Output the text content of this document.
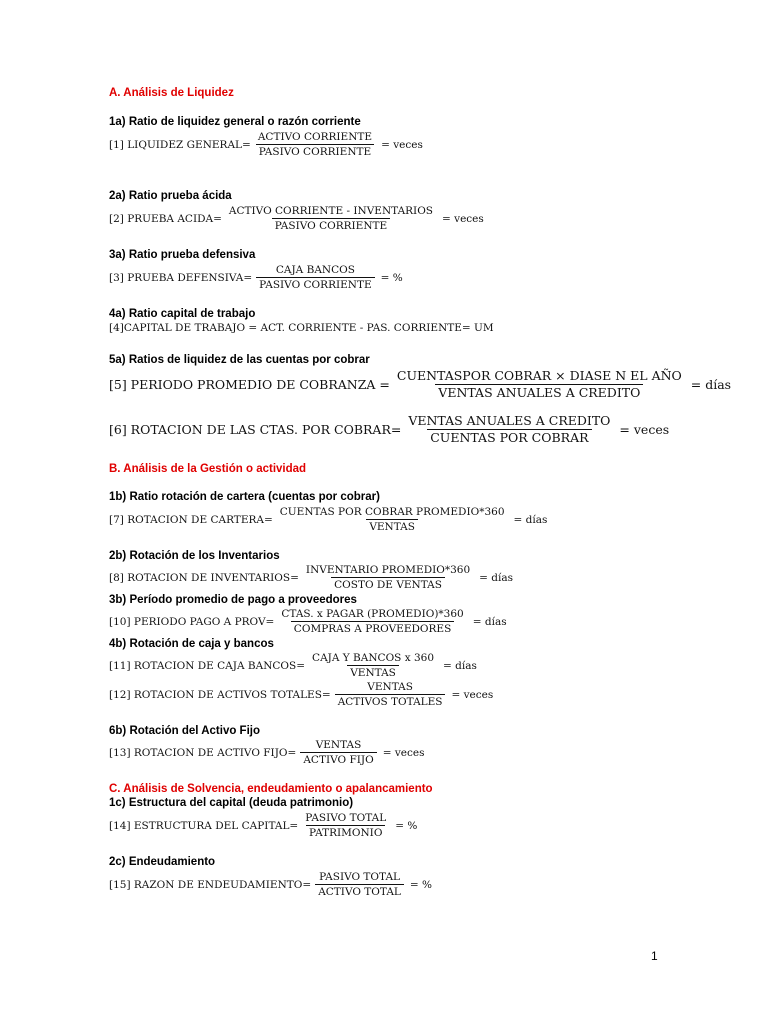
A. Análisis de Liquidez
1a) Ratio de liquidez general o razón corriente
[1] LIQUIDEZ GENERAL= $\frac{\text{ACTIVO CORRIENTE}}{\text{PASIVO CORRIENTE}}$ = veces
2a) Ratio prueba ácida
[2] PRUEBA ACIDA= $\frac{\text{ACTIVO CORRIENTE - INVENTARIOS}}{\text{PASIVO CORRIENTE}}$ = veces
3a) Ratio prueba defensiva
[3] PRUEBA DEFENSIVA= $\frac{\text{CAJA BANCOS}}{\text{PASIVO CORRIENTE}}$ = %
4a) Ratio capital de trabajo
[4]CAPITAL DE TRABAJO = ACT. CORRIENTE - PAS. CORRIENTE= UM
5a) Ratios de liquidez de las cuentas por cobrar
[5] PERIODO PROMEDIO DE COBRANZA = $\frac{\text{CUENTASPOR COBRAR × DIASE N EL AÑO}}{\text{VENTAS ANUALES A CREDITO}}$ = días
[6] ROTACION DE LAS CTAS. POR COBRAR= $\frac{\text{VENTAS ANUALES A CREDITO}}{\text{CUENTAS POR COBRAR}}$ = veces
B. Análisis de la Gestión o actividad
1b) Ratio rotación de cartera (cuentas por cobrar)
[7] ROTACION DE CARTERA= $\frac{\text{CUENTAS POR COBRAR PROMEDIO*360}}{\text{VENTAS}}$ = días
2b) Rotación de los Inventarios
[8] ROTACION DE INVENTARIOS= $\frac{\text{INVENTARIO PROMEDIO*360}}{\text{COSTO DE VENTAS}}$ = días
3b) Período promedio de pago a proveedores
[10] PERIODO PAGO A PROV= $\frac{\text{CTAS. x PAGAR (PROMEDIO)*360}}{\text{COMPRAS A PROVEEDORES}}$ = días
4b) Rotación de caja y bancos
[11] ROTACION DE CAJA BANCOS= $\frac{\text{CAJA Y BANCOS x 360}}{\text{VENTAS}}$ = días
[12] ROTACION DE ACTIVOS TOTALES= $\frac{\text{VENTAS}}{\text{ACTIVOS TOTALES}}$ = veces
6b) Rotación del Activo Fijo
[13] ROTACION DE ACTIVO FIJO= $\frac{\text{VENTAS}}{\text{ACTIVO FIJO}}$ = veces
C. Análisis de Solvencia, endeudamiento o apalancamiento
1c) Estructura del capital (deuda patrimonio)
[14] ESTRUCTURA DEL CAPITAL= $\frac{\text{PASIVO TOTAL}}{\text{PATRIMONIO}}$ = %
2c) Endeudamiento
[15] RAZON DE ENDEUDAMIENTO= $\frac{\text{PASIVO TOTAL}}{\text{ACTIVO TOTAL}}$ = %
1
